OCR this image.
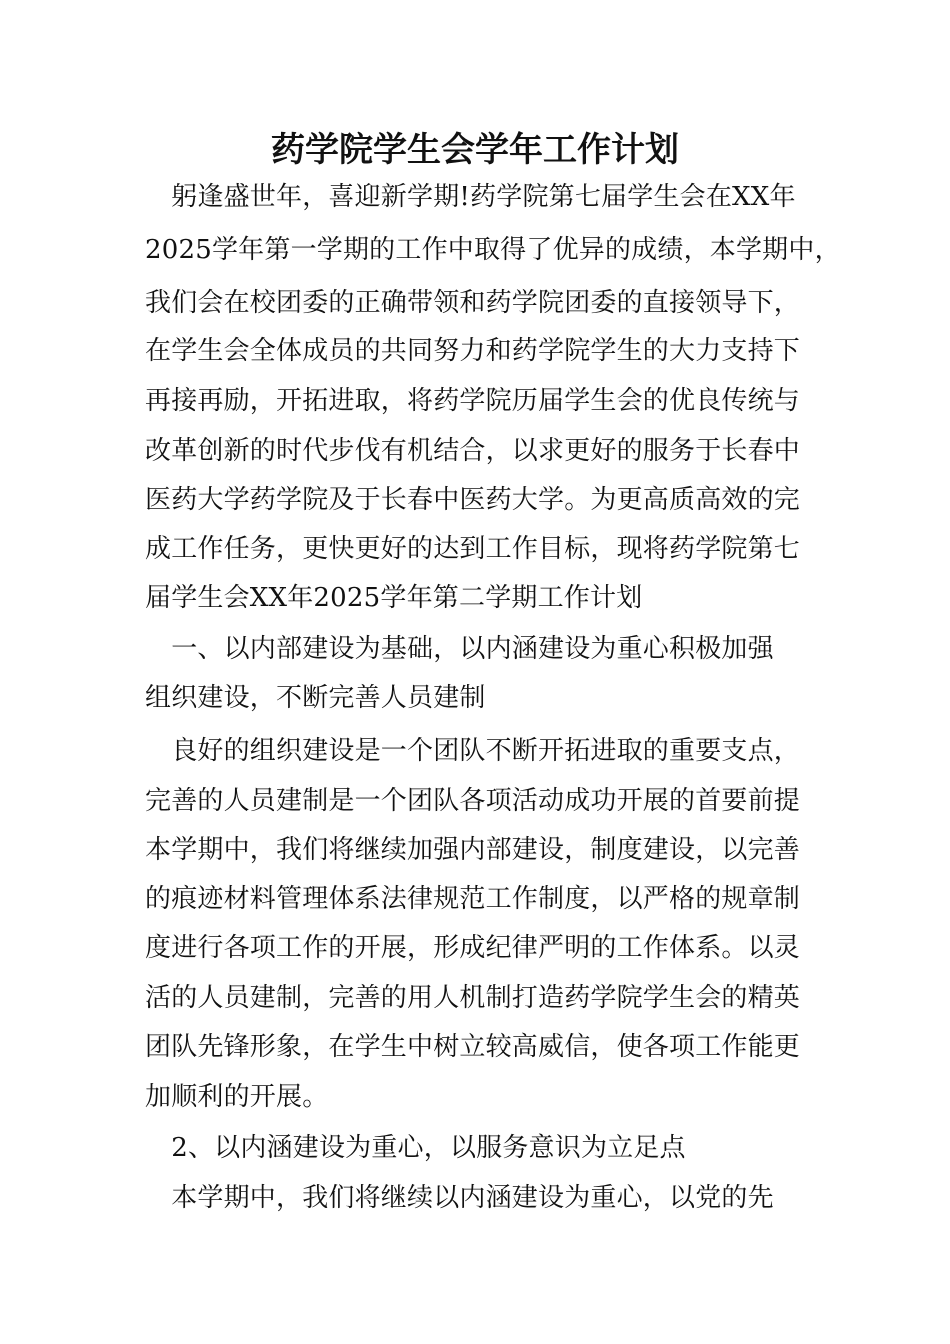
药学院学生会学年工作计划
　躬逢盛世年，喜迎新学期!药学院第七届学生会在XX年
2025学年第一学期的工作中取得了优异的成绩，本学期中，
我们会在校团委的正确带领和药学院团委的直接领导下，
在学生会全体成员的共同努力和药学院学生的大力支持下
再接再励，开拓进取，将药学院历届学生会的优良传统与
改革创新的时代步伐有机结合，以求更好的服务于长春中
医药大学药学院及于长春中医药大学。为更高质高效的完
成工作任务，更快更好的达到工作目标，现将药学院第七
届学生会XX年2025学年第二学期工作计划
　一、以内部建设为基础，以内涵建设为重心积极加强
组织建设，不断完善人员建制
　良好的组织建设是一个团队不断开拓进取的重要支点，
完善的人员建制是一个团队各项活动成功开展的首要前提
本学期中，我们将继续加强内部建设，制度建设，以完善
的痕迹材料管理体系法律规范工作制度，以严格的规章制
度进行各项工作的开展，形成纪律严明的工作体系。以灵
活的人员建制，完善的用人机制打造药学院学生会的精英
团队先锋形象，在学生中树立较高威信，使各项工作能更
加顺利的开展。
　2、以内涵建设为重心，以服务意识为立足点
　本学期中，我们将继续以内涵建设为重心，以党的先
